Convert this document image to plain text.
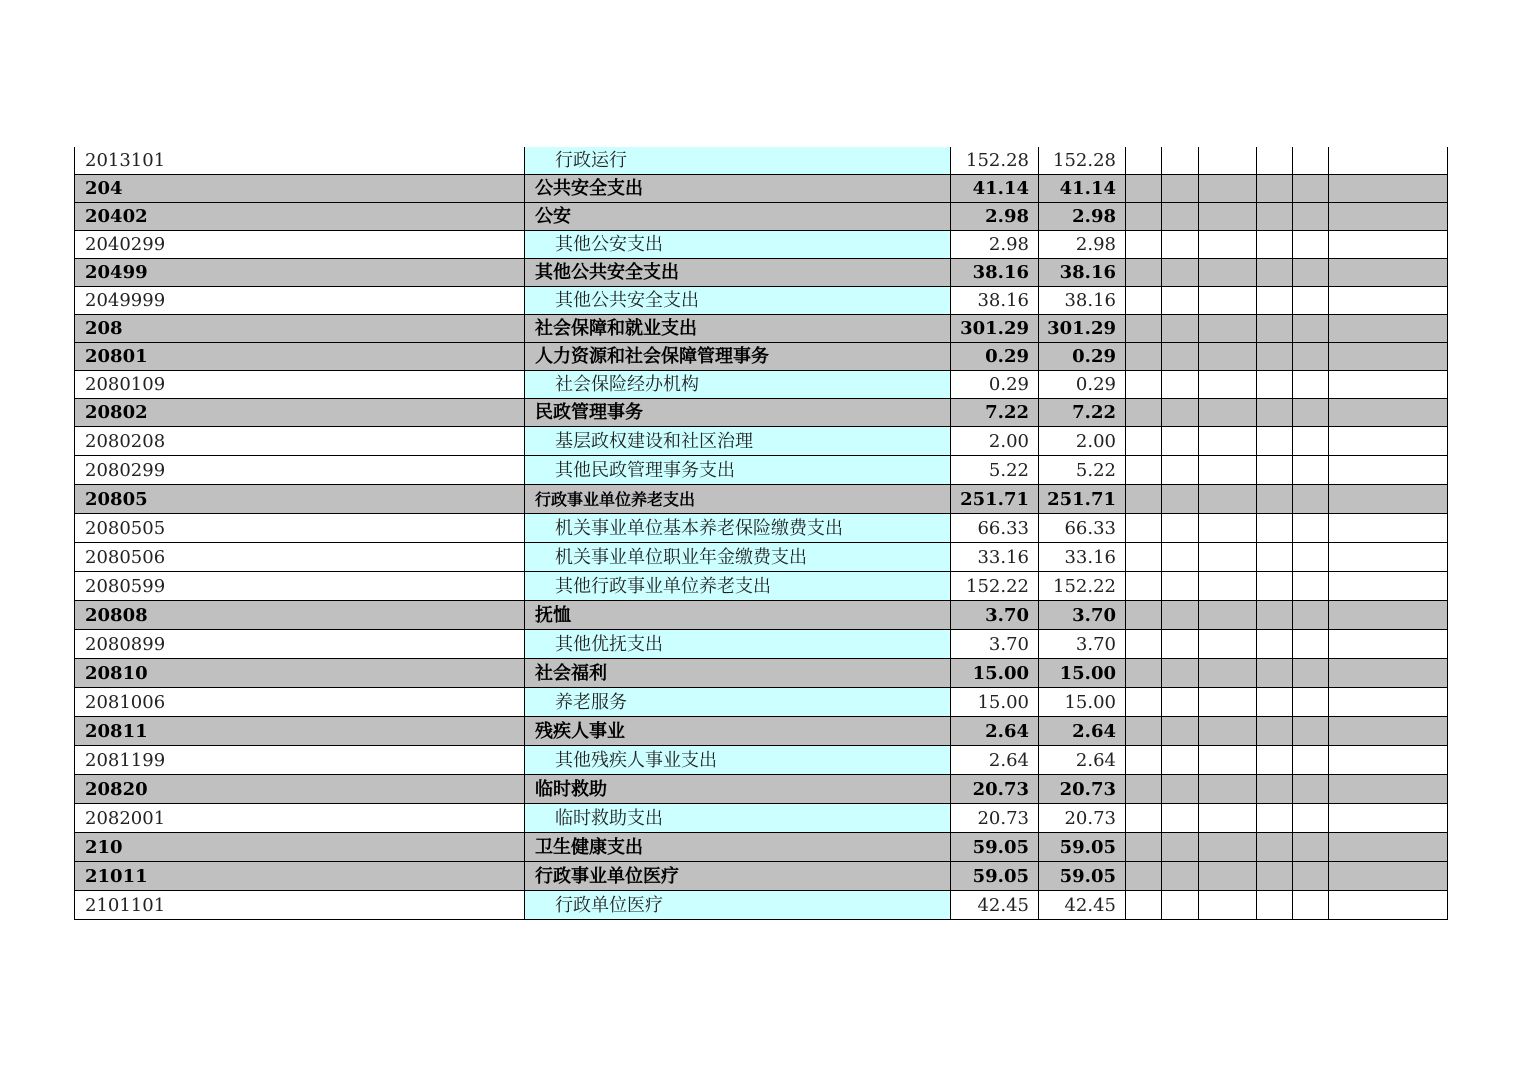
2013101	行政运行	152.28	152.28						
204	公共安全支出	41.14	41.14						
20402	公安	2.98	2.98						
2040299	其他公安支出	2.98	2.98						
20499	其他公共安全支出	38.16	38.16						
2049999	其他公共安全支出	38.16	38.16						
208	社会保障和就业支出	301.29	301.29						
20801	人力资源和社会保障管理事务	0.29	0.29						
2080109	社会保险经办机构	0.29	0.29						
20802	民政管理事务	7.22	7.22						
2080208	基层政权建设和社区治理	2.00	2.00						
2080299	其他民政管理事务支出	5.22	5.22						
20805	行政事业单位养老支出	251.71	251.71						
2080505	机关事业单位基本养老保险缴费支出	66.33	66.33						
2080506	机关事业单位职业年金缴费支出	33.16	33.16						
2080599	其他行政事业单位养老支出	152.22	152.22						
20808	抚恤	3.70	3.70						
2080899	其他优抚支出	3.70	3.70						
20810	社会福利	15.00	15.00						
2081006	养老服务	15.00	15.00						
20811	残疾人事业	2.64	2.64						
2081199	其他残疾人事业支出	2.64	2.64						
20820	临时救助	20.73	20.73						
2082001	临时救助支出	20.73	20.73						
210	卫生健康支出	59.05	59.05						
21011	行政事业单位医疗	59.05	59.05						
2101101	行政单位医疗	42.45	42.45						
